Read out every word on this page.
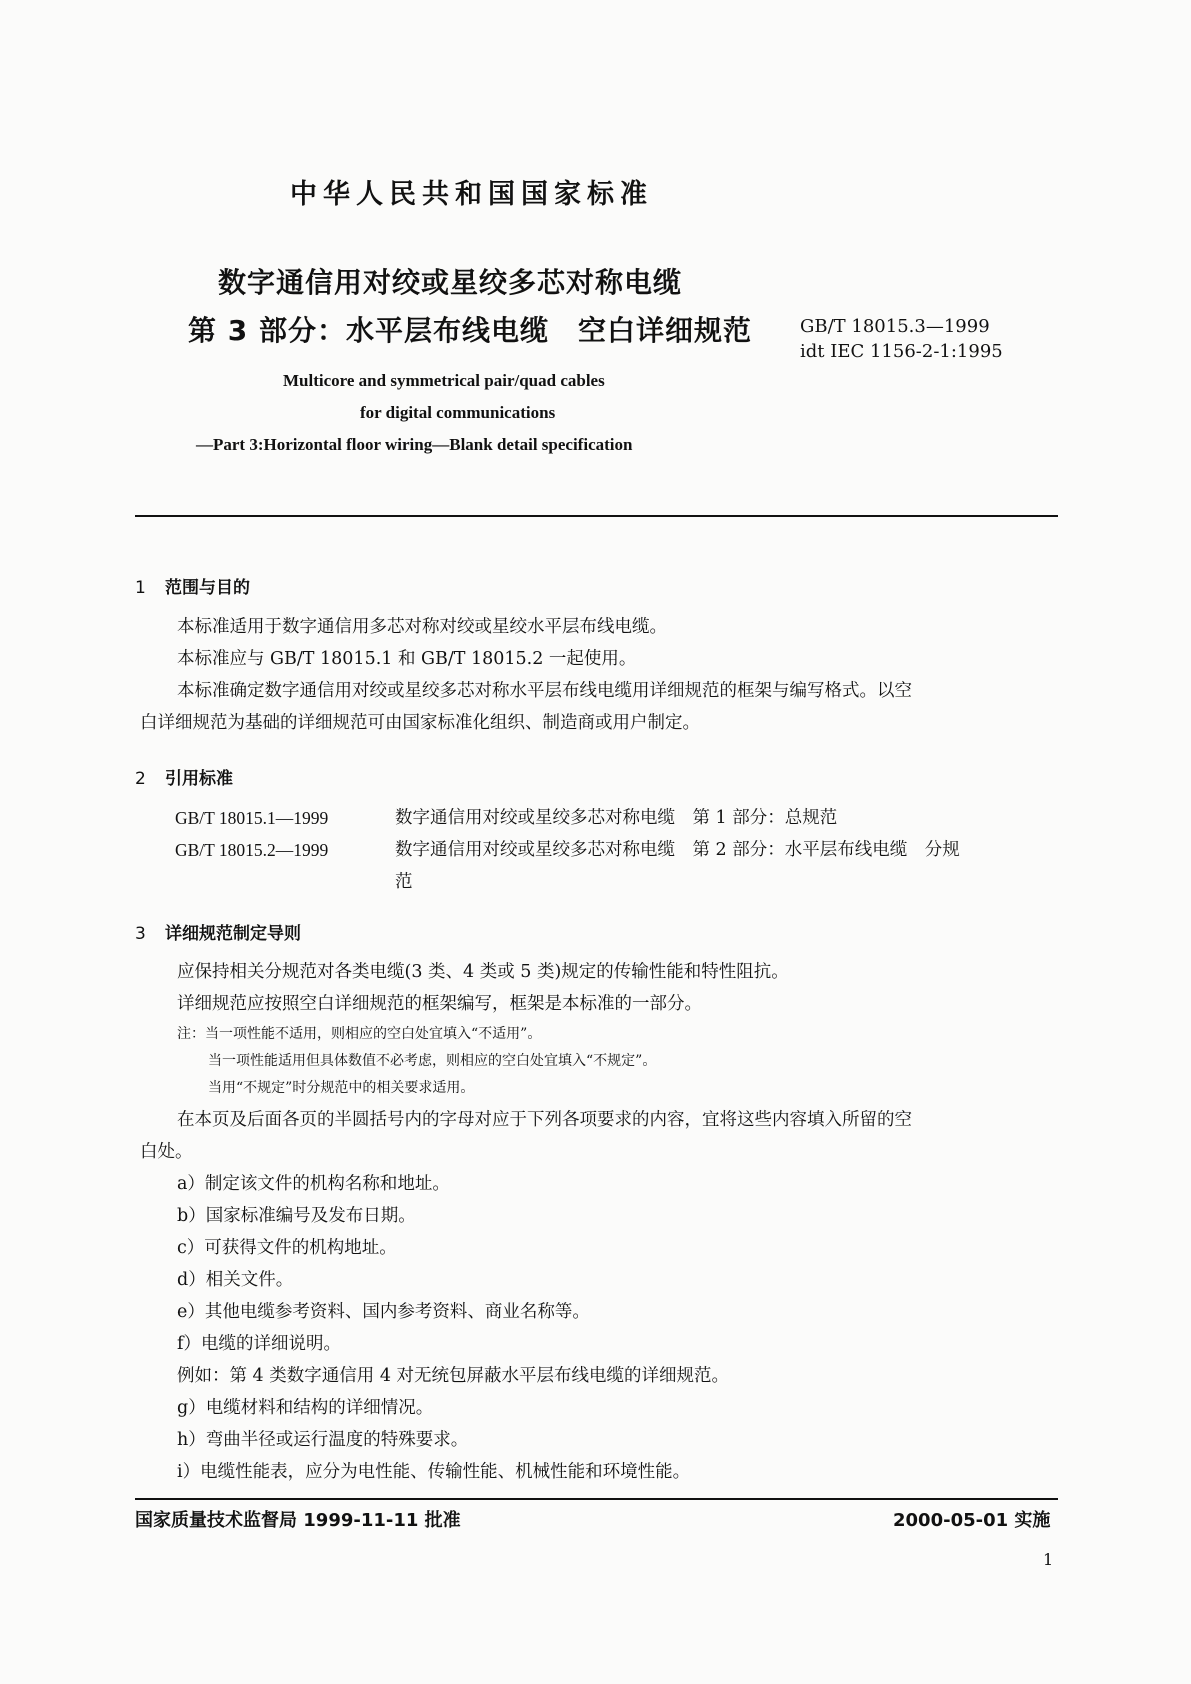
中华人民共和国国家标准
数字通信用对绞或星绞多芯对称电缆
第 3 部分：水平层布线电缆　空白详细规范	GB/T 18015.3—1999
idt IEC 1156-2-1:1995
Multicore and symmetrical pair/quad cables
for digital communications
—Part 3:Horizontal floor wiring—Blank detail specification
1 范围与目的
本标准适用于数字通信用多芯对称对绞或星绞水平层布线电缆。
本标准应与 GB/T 18015.1 和 GB/T 18015.2 一起使用。
本标准确定数字通信用对绞或星绞多芯对称水平层布线电缆用详细规范的框架与编写格式。以空
白详细规范为基础的详细规范可由国家标准化组织、制造商或用户制定。
2 引用标准
GB/T 18015.1—1999	数字通信用对绞或星绞多芯对称电缆　第 1 部分：总规范
GB/T 18015.2—1999	数字通信用对绞或星绞多芯对称电缆　第 2 部分：水平层布线电缆　分规
范
3 详细规范制定导则
应保持相关分规范对各类电缆(3 类、4 类或 5 类)规定的传输性能和特性阻抗。
详细规范应按照空白详细规范的框架编写，框架是本标准的一部分。
注：当一项性能不适用，则相应的空白处宜填入“不适用”。
当一项性能适用但具体数值不必考虑，则相应的空白处宜填入“不规定”。
当用“不规定”时分规范中的相关要求适用。
在本页及后面各页的半圆括号内的字母对应于下列各项要求的内容，宜将这些内容填入所留的空
白处。
a）制定该文件的机构名称和地址。
b）国家标准编号及发布日期。
c）可获得文件的机构地址。
d）相关文件。
e）其他电缆参考资料、国内参考资料、商业名称等。
f）电缆的详细说明。
例如：第 4 类数字通信用 4 对无统包屏蔽水平层布线电缆的详细规范。
g）电缆材料和结构的详细情况。
h）弯曲半径或运行温度的特殊要求。
i）电缆性能表，应分为电性能、传输性能、机械性能和环境性能。
国家质量技术监督局 1999-11-11 批准	2000-05-01 实施
1
